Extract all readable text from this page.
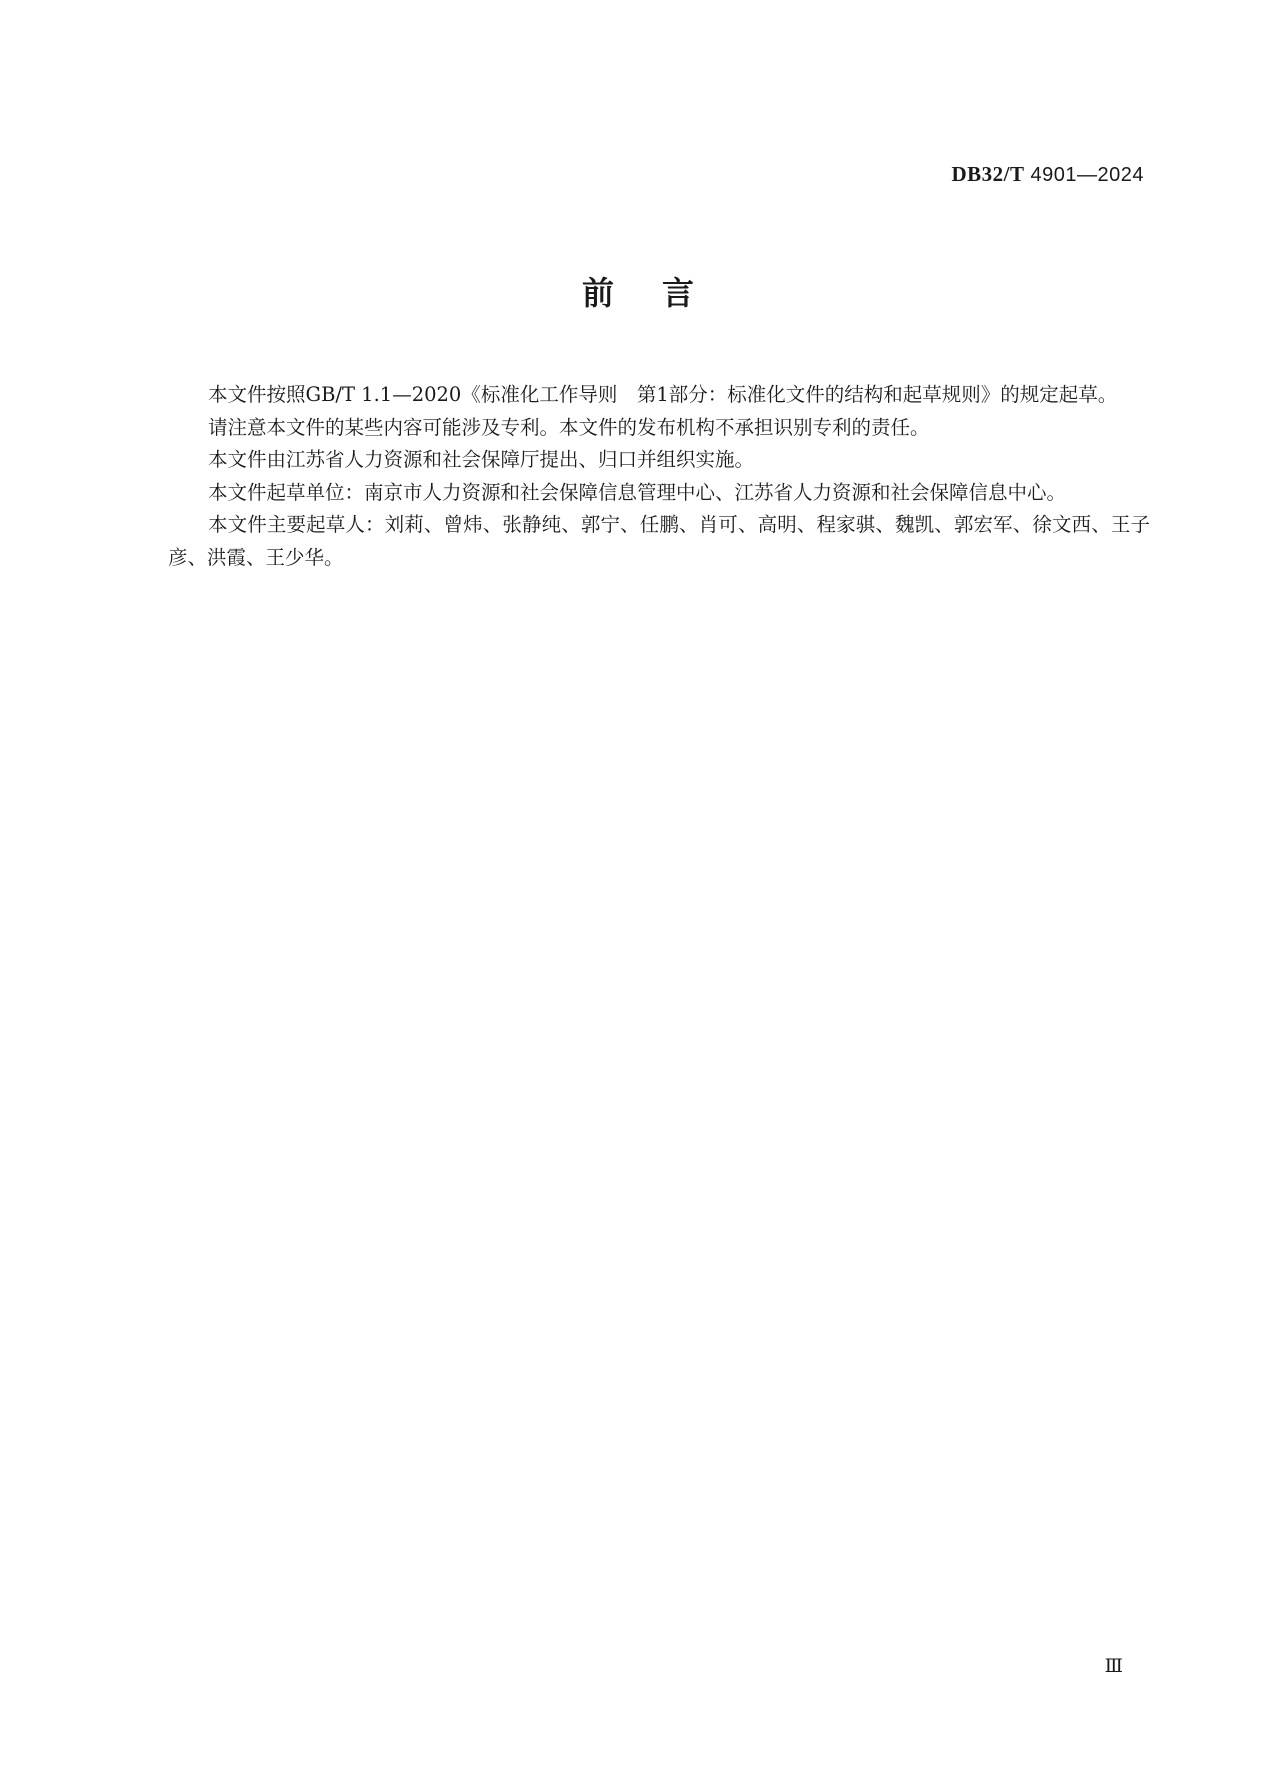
DB32/T 4901—2024
前言

本文件按照GB/T 1.1—2020《标准化工作导则　第1部分：标准化文件的结构和起草规则》的规定起草。

请注意本文件的某些内容可能涉及专利。本文件的发布机构不承担识别专利的责任。

本文件由江苏省人力资源和社会保障厅提出、归口并组织实施。

本文件起草单位：南京市人力资源和社会保障信息管理中心、江苏省人力资源和社会保障信息中心。

本文件主要起草人：刘莉、曾炜、张静纯、郭宁、任鹏、肖可、高明、程家骐、魏凯、郭宏军、徐文西、王子彦、洪霞、王少华。

Ⅲ
